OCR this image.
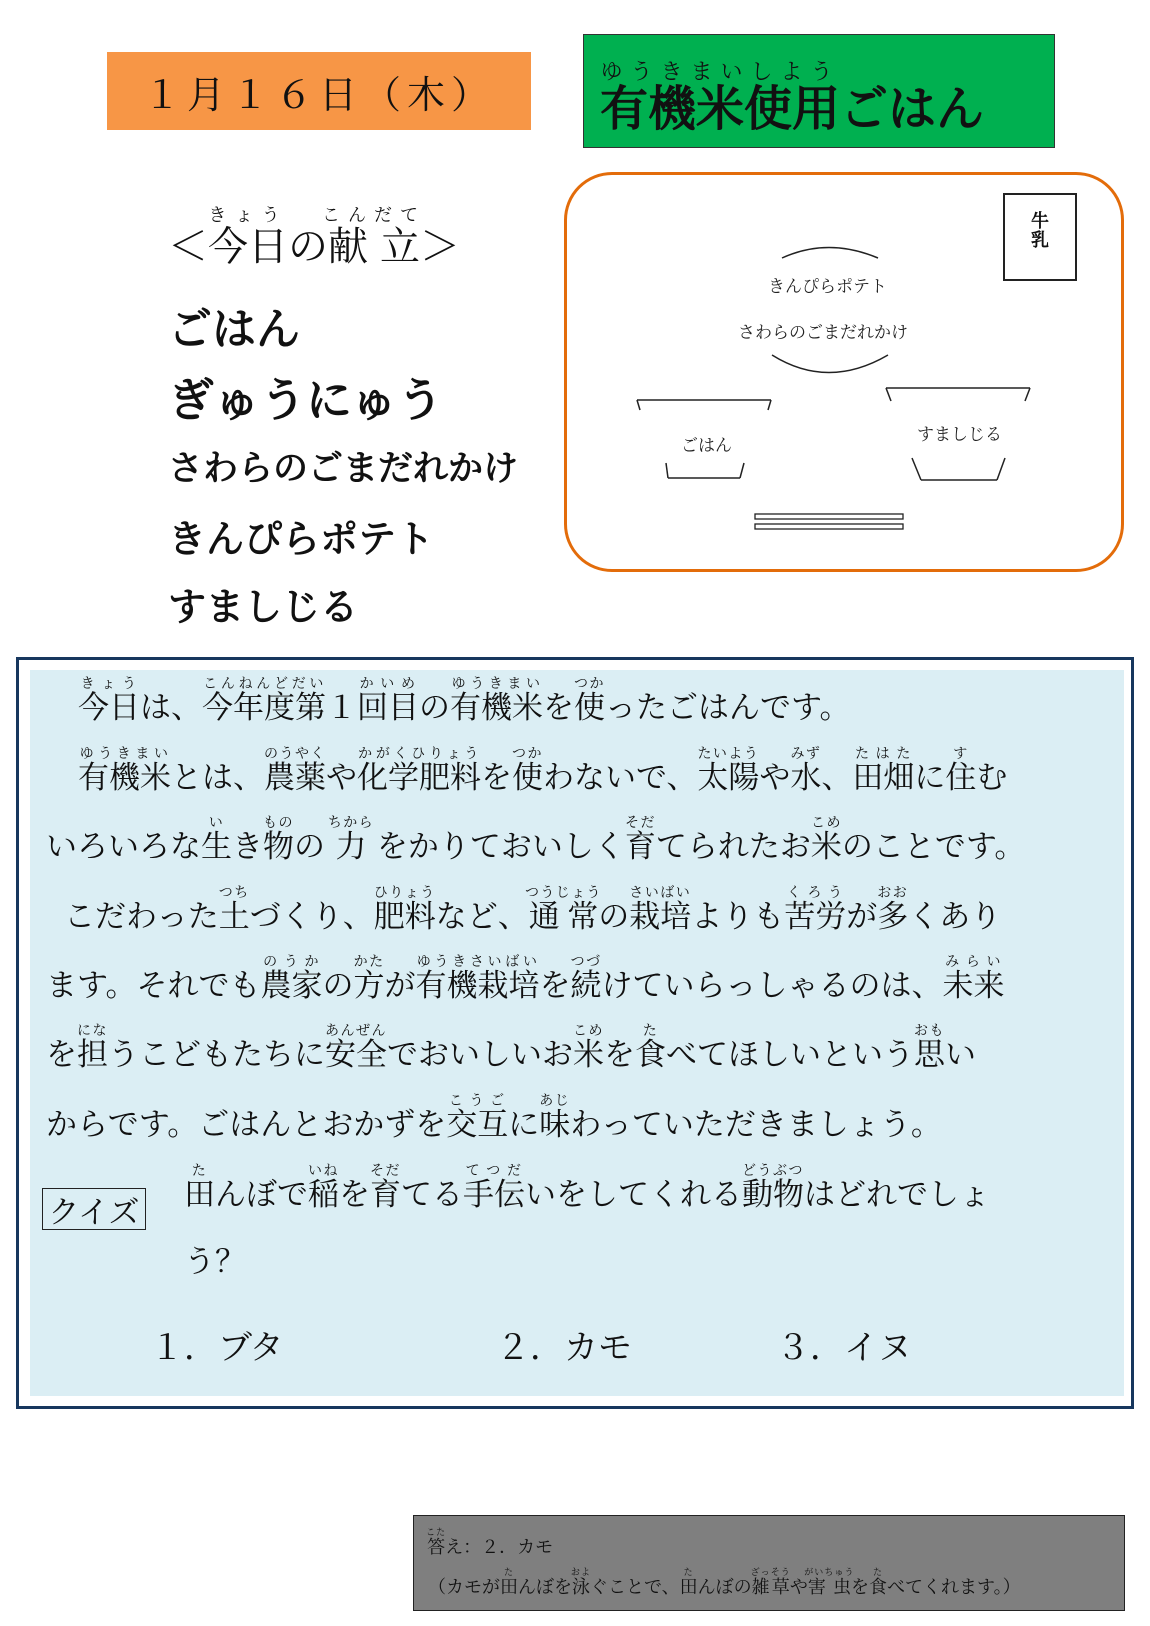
１月１６日（木） 有機米使用ゆうきまいしようごはん
＜今日きょうの献立こんだて＞
ごはん
ぎゅうにゅう
さわらのごまだれかけ
きんぴらポテト
すましじる
牛
乳
きんぴらポテト
さわらのごまだれかけ
ごはん
すましじる
今日きょうは、今年度第こんねんどだい１回目かいめの有機米ゆうきまいを使つかったごはんです。
有機米ゆうきまいとは、農薬のうやくや化学肥料かがくひりょうを使つかわないで、太陽たいようや水みず、田畑たはたに住すむ
いろいろな生いき物ものの 力ちから をかりておいしく育そだてられたお米こめのことです。
こだわった土つちづくり、肥料ひりょうなど、通常つうじょうの栽培さいばいよりも苦労くろうが多おおくあり
ます。それでも農家のうかの方かたが有機栽培ゆうきさいばいを続つづけていらっしゃるのは、未来みらい
を担になうこどもたちに安全あんぜんでおいしいお米こめを食たべてほしいという思おもい
からです。ごはんとおかずを交互こうごに味あじわっていただきましょう。
クイズ 田たんぼで稲いねを育そだてる手伝てつだいをしてくれる動物どうぶつはどれでしょ
う？
１．ブタ	２．カモ	３．イヌ
答こたえ：２．カモ
（カモが田たんぼを泳およぐことで、田たんぼの雑草ざっそうや害虫がいちゅうを食たべてくれます。）
